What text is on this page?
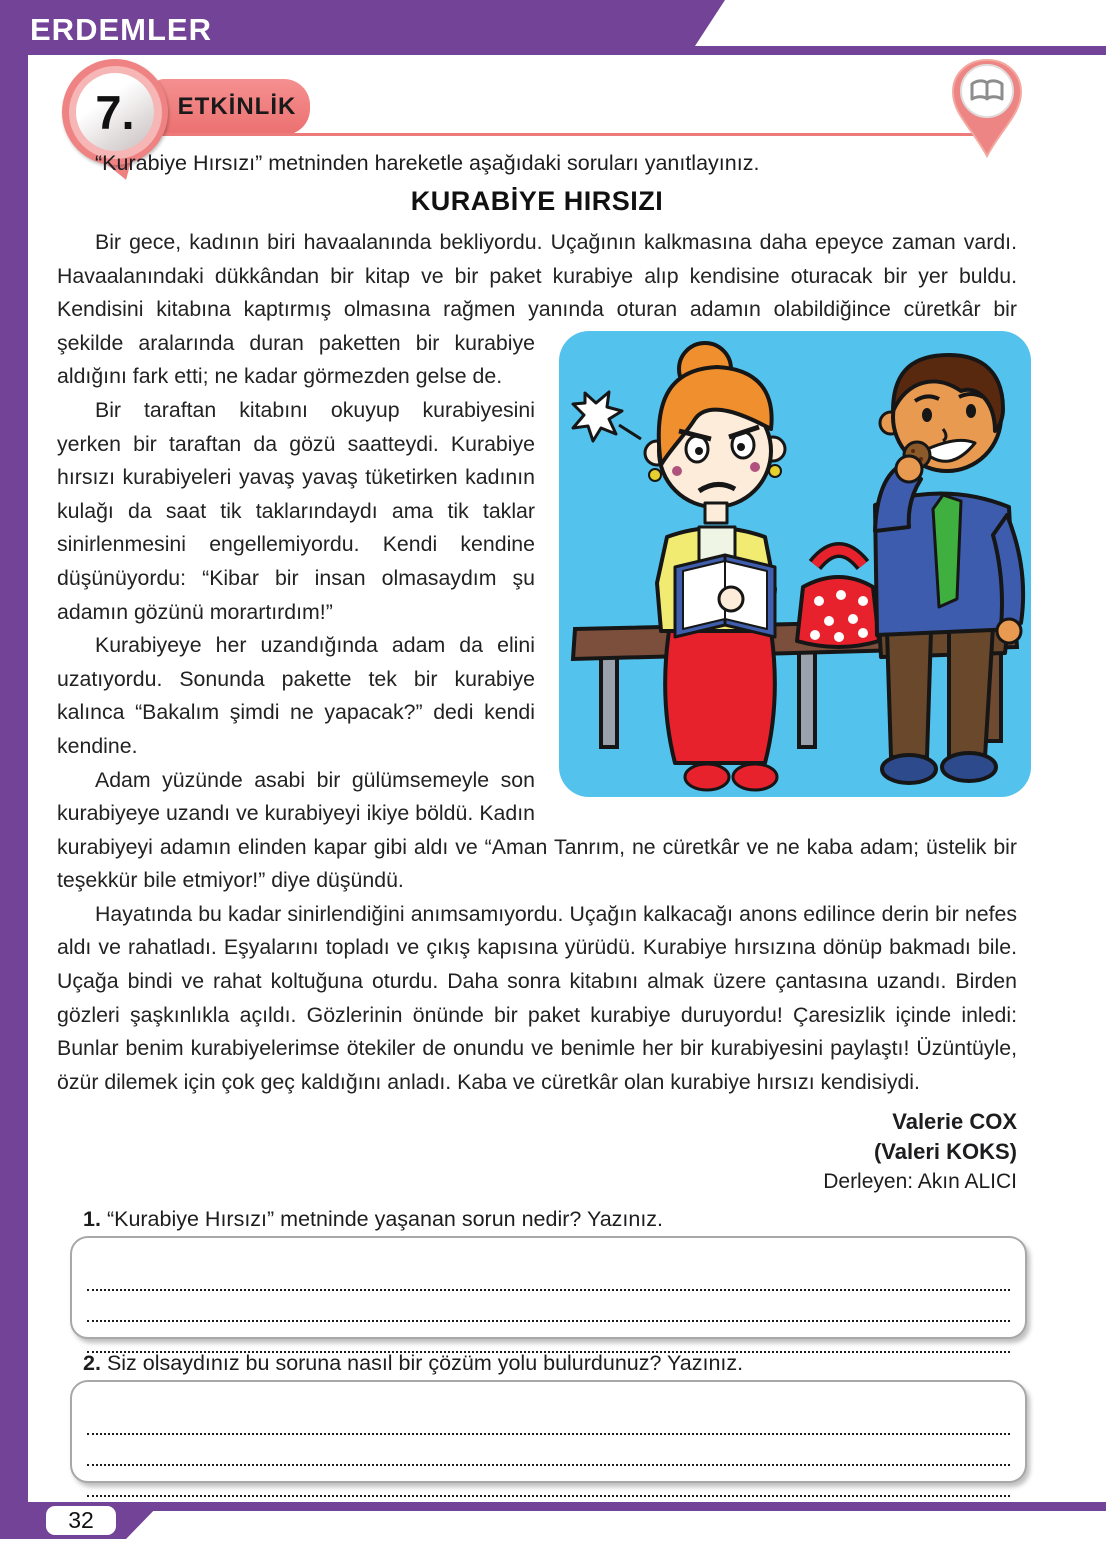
ERDEMLER
ETKİNLİK
7.

“Kurabiye Hırsızı” metninden hareketle aşağıdaki soruları yanıtlayınız.

KURABİYE HIRSIZI

Bir gece, kadının biri havaalanında bekliyordu. Uçağının kalkmasına daha epeyce zaman vardı. Havaalanındaki dükkândan bir kitap ve bir paket kurabiye alıp kendisine oturacak bir yer buldu. Kendisini kitabına kaptırmış olmasına rağmen yanında oturan adamın olabildiğince cüretkâr bir şekilde aralarında duran paketten bir kurabiye aldığını fark etti; ne kadar görmezden gelse de.

Bir taraftan kitabını okuyup kurabiyesini yerken bir taraftan da gözü saatteydi. Kurabiye hırsızı kurabiyeleri yavaş yavaş tüketirken kadının kulağı da saat tik taklarındaydı ama tik taklar sinirlenmesini engellemiyordu. Kendi kendine düşünüyordu: “Kibar bir insan olmasaydım şu adamın gözünü morartırdım!”

Kurabiyeye her uzandığında adam da elini uzatıyordu. Sonunda pakette tek bir kurabiye kalınca “Bakalım şimdi ne yapacak?” dedi kendi kendine.

Adam yüzünde asabi bir gülümsemeyle son kurabiyeye uzandı ve kurabiyeyi ikiye böldü. Kadın kurabiyeyi adamın elinden kapar gibi aldı ve “Aman Tanrım, ne cüretkâr ve ne kaba adam; üstelik bir teşekkür bile etmiyor!” diye düşündü.

Hayatında bu kadar sinirlendiğini anımsamıyordu. Uçağın kalkacağı anons edilince derin bir nefes aldı ve rahatladı. Eşyalarını topladı ve çıkış kapısına yürüdü. Kurabiye hırsızına dönüp bakmadı bile. Uçağa bindi ve rahat koltuğuna oturdu. Daha sonra kitabını almak üzere çantasına uzandı. Birden gözleri şaşkınlıkla açıldı. Gözlerinin önünde bir paket kurabiye duruyordu! Çaresizlik içinde inledi: Bunlar benim kurabiyelerimse ötekiler de onundu ve benimle her bir kurabiyesini paylaştı! Üzüntüyle, özür dilemek için çok geç kaldığını anladı. Kaba ve cüretkâr olan kurabiye hırsızı kendisiydi.

Valerie COX
(Valeri KOKS)
Derleyen: Akın ALICI
1. “Kurabiye Hırsızı” metninde yaşanan sorun nedir? Yazınız.
2. Siz olsaydınız bu soruna nasıl bir çözüm yolu bulurdunuz? Yazınız.
32
